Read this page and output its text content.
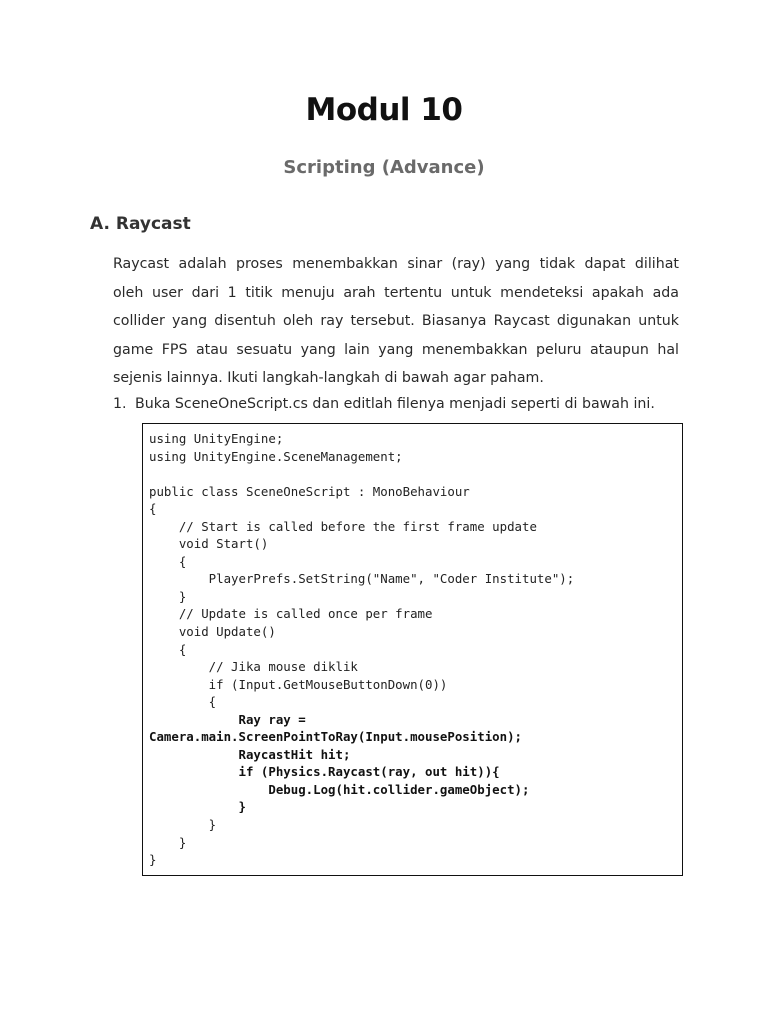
Modul 10
Scripting (Advance)
A. Raycast
Raycast adalah proses menembakkan sinar (ray) yang tidak dapat dilihat
oleh user dari 1 titik menuju arah tertentu untuk mendeteksi apakah ada
collider yang disentuh oleh ray tersebut. Biasanya Raycast digunakan untuk
game FPS atau sesuatu yang lain yang menembakkan peluru ataupun hal
sejenis lainnya. Ikuti langkah-langkah di bawah agar paham.
1. Buka SceneOneScript.cs dan editlah filenya menjadi seperti di bawah ini.
using UnityEngine;
using UnityEngine.SceneManagement;
public class SceneOneScript : MonoBehaviour
{
// Start is called before the first frame update
void Start()
{
PlayerPrefs.SetString("Name", "Coder Institute");
}
// Update is called once per frame
void Update()
{
// Jika mouse diklik
if (Input.GetMouseButtonDown(0))
{
Ray ray =
Camera.main.ScreenPointToRay(Input.mousePosition);
RaycastHit hit;
if (Physics.Raycast(ray, out hit)){
Debug.Log(hit.collider.gameObject);
}
}
}
}
